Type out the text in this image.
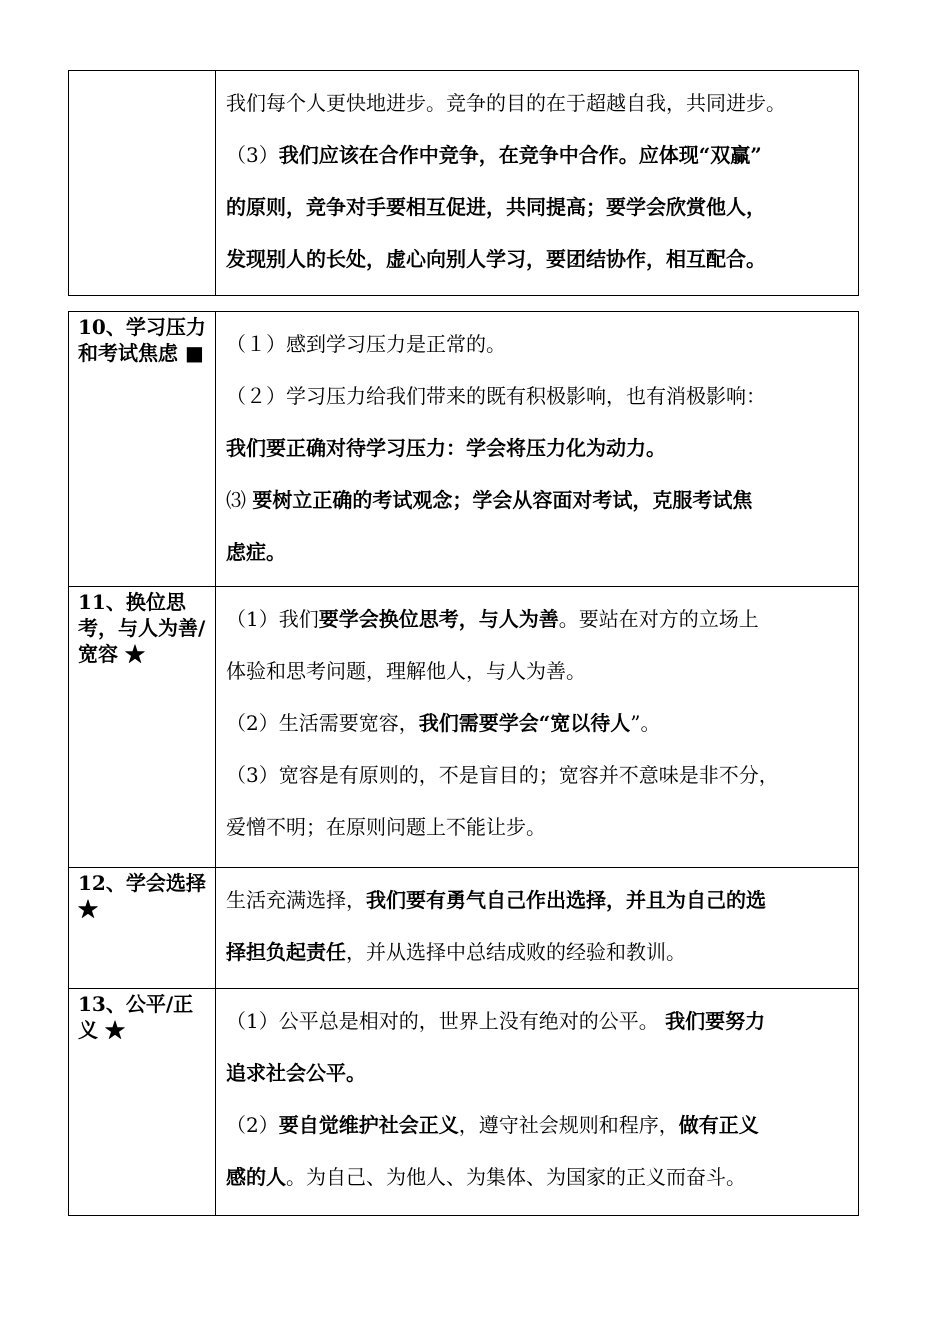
我们每个人更快地进步。竞争的目的在于超越自我，共同进步。

（3）我们应该在合作中竞争，在竞争中合作。应体现“双赢”

的原则，竞争对手要相互促进，共同提高；要学会欣赏他人，

发现别人的长处，虚心向别人学习，要团结协作，相互配合。

10、学习压力和考试焦虑 ■	（１）感到学习压力是正常的。

（２）学习压力给我们带来的既有积极影响，也有消极影响：

我们要正确对待学习压力：学会将压力化为动力。

⑶ 要树立正确的考试观念；学会从容面对考试，克服考试焦

虑症。

11、换位思考，与人为善/宽容 ★	（1）我们要学会换位思考，与人为善。要站在对方的立场上

体验和思考问题，理解他人，与人为善。

（2）生活需要宽容，我们需要学会“宽以待人”。

（3）宽容是有原则的，不是盲目的；宽容并不意味是非不分，

爱憎不明；在原则问题上不能让步。

12、学会选择 ★	生活充满选择，我们要有勇气自己作出选择，并且为自己的选

择担负起责任，并从选择中总结成败的经验和教训。

13、公平/正义 ★	（1）公平总是相对的，世界上没有绝对的公平。 我们要努力

追求社会公平。

（2）要自觉维护社会正义，遵守社会规则和程序，做有正义

感的人。为自己、为他人、为集体、为国家的正义而奋斗。
